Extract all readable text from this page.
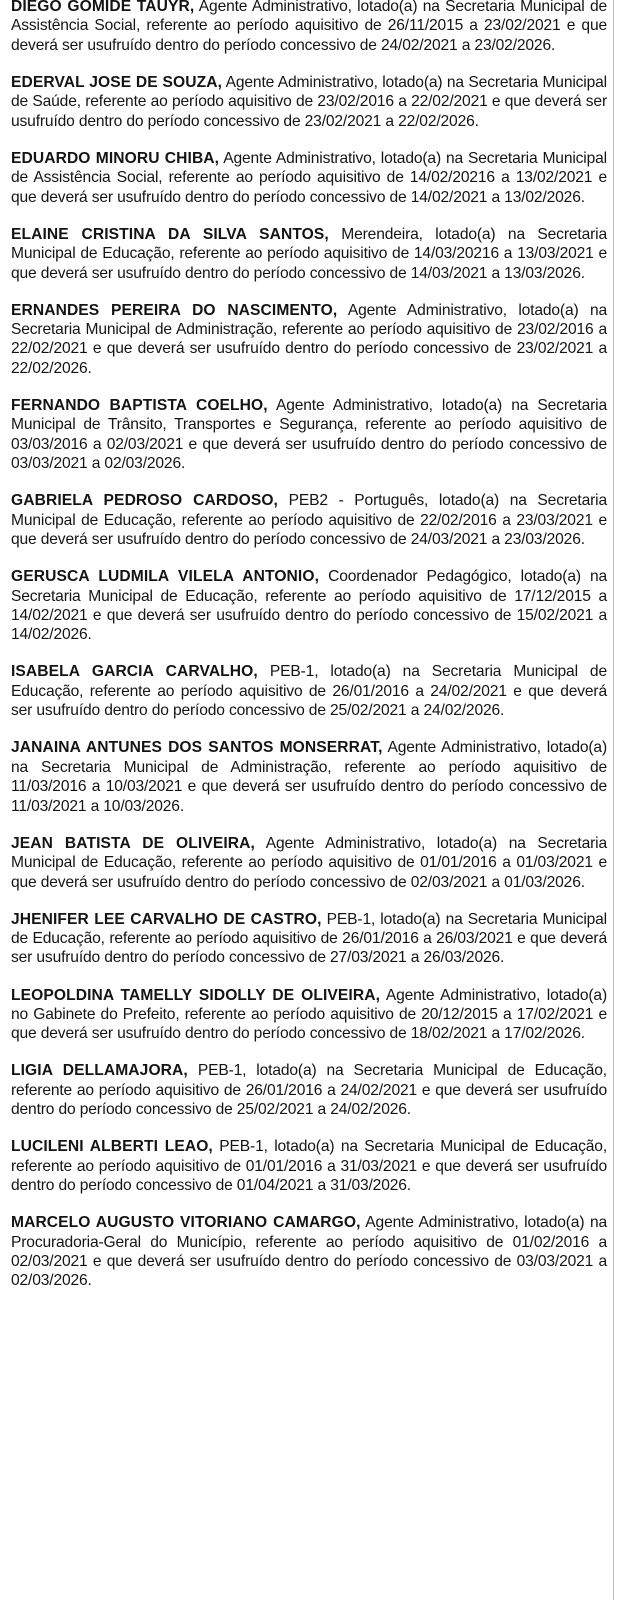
DIEGO GOMIDE TAUYR, Agente Administrativo, lotado(a) na Secretaria Municipal de Assistência Social, referente ao período aquisitivo de 26/11/2015 a 23/02/2021 e que deverá ser usufruído dentro do período concessivo de 24/02/2021 a 23/02/2026.

EDERVAL JOSE DE SOUZA, Agente Administrativo, lotado(a) na Secretaria Municipal de Saúde, referente ao período aquisitivo de 23/02/2016 a 22/02/2021 e que deverá ser usufruído dentro do período concessivo de 23/02/2021 a 22/02/2026.

EDUARDO MINORU CHIBA, Agente Administrativo, lotado(a) na Secretaria Municipal de Assistência Social, referente ao período aquisitivo de 14/02/20216 a 13/02/2021 e que deverá ser usufruído dentro do período concessivo de 14/02/2021 a 13/02/2026.

ELAINE CRISTINA DA SILVA SANTOS, Merendeira, lotado(a) na Secretaria Municipal de Educação, referente ao período aquisitivo de 14/03/20216 a 13/03/2021 e que deverá ser usufruído dentro do período concessivo de 14/03/2021 a 13/03/2026.

ERNANDES PEREIRA DO NASCIMENTO, Agente Administrativo, lotado(a) na Secretaria Municipal de Administração, referente ao período aquisitivo de 23/02/2016 a 22/02/2021 e que deverá ser usufruído dentro do período concessivo de 23/02/2021 a 22/02/2026.

FERNANDO BAPTISTA COELHO, Agente Administrativo, lotado(a) na Secretaria Municipal de Trânsito, Transportes e Segurança, referente ao período aquisitivo de 03/03/2016 a 02/03/2021 e que deverá ser usufruído dentro do período concessivo de 03/03/2021 a 02/03/2026.

GABRIELA PEDROSO CARDOSO, PEB2 - Português, lotado(a) na Secretaria Municipal de Educação, referente ao período aquisitivo de 22/02/2016 a 23/03/2021 e que deverá ser usufruído dentro do período concessivo de 24/03/2021 a 23/03/2026.

GERUSCA LUDMILA VILELA ANTONIO, Coordenador Pedagógico, lotado(a) na Secretaria Municipal de Educação, referente ao período aquisitivo de 17/12/2015 a 14/02/2021 e que deverá ser usufruído dentro do período concessivo de 15/02/2021 a 14/02/2026.

ISABELA GARCIA CARVALHO, PEB-1, lotado(a) na Secretaria Municipal de Educação, referente ao período aquisitivo de 26/01/2016 a 24/02/2021 e que deverá ser usufruído dentro do período concessivo de 25/02/2021 a 24/02/2026.

JANAINA ANTUNES DOS SANTOS MONSERRAT, Agente Administrativo, lotado(a) na Secretaria Municipal de Administração, referente ao período aquisitivo de 11/03/2016 a 10/03/2021 e que deverá ser usufruído dentro do período concessivo de 11/03/2021 a 10/03/2026.

JEAN BATISTA DE OLIVEIRA, Agente Administrativo, lotado(a) na Secretaria Municipal de Educação, referente ao período aquisitivo de 01/01/2016 a 01/03/2021 e que deverá ser usufruído dentro do período concessivo de 02/03/2021 a 01/03/2026.

JHENIFER LEE CARVALHO DE CASTRO, PEB-1, lotado(a) na Secretaria Municipal de Educação, referente ao período aquisitivo de 26/01/2016 a 26/03/2021 e que deverá ser usufruído dentro do período concessivo de 27/03/2021 a 26/03/2026.

LEOPOLDINA TAMELLY SIDOLLY DE OLIVEIRA, Agente Administrativo, lotado(a) no Gabinete do Prefeito, referente ao período aquisitivo de 20/12/2015 a 17/02/2021 e que deverá ser usufruído dentro do período concessivo de 18/02/2021 a 17/02/2026.

LIGIA DELLAMAJORA, PEB-1, lotado(a) na Secretaria Municipal de Educação, referente ao período aquisitivo de 26/01/2016 a 24/02/2021 e que deverá ser usufruído dentro do período concessivo de 25/02/2021 a 24/02/2026.

LUCILENI ALBERTI LEAO, PEB-1, lotado(a) na Secretaria Municipal de Educação, referente ao período aquisitivo de 01/01/2016 a 31/03/2021 e que deverá ser usufruído dentro do período concessivo de 01/04/2021 a 31/03/2026.

MARCELO AUGUSTO VITORIANO CAMARGO, Agente Administrativo, lotado(a) na Procuradoria-Geral do Município, referente ao período aquisitivo de 01/02/2016 a 02/03/2021 e que deverá ser usufruído dentro do período concessivo de 03/03/2021 a 02/03/2026.
